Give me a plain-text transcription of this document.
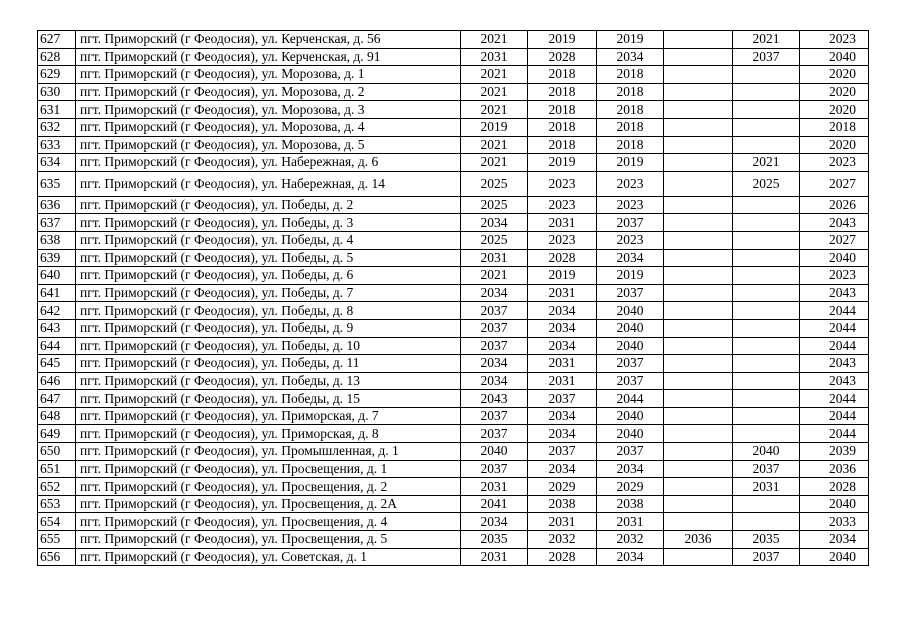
627	пгт. Приморский (г Феодосия), ул. Керченская, д. 56	2021	2019	2019		2021	2023
628	пгт. Приморский (г Феодосия), ул. Керченская, д. 91	2031	2028	2034		2037	2040
629	пгт. Приморский (г Феодосия), ул. Морозова, д. 1	2021	2018	2018			2020
630	пгт. Приморский (г Феодосия), ул. Морозова, д. 2	2021	2018	2018			2020
631	пгт. Приморский (г Феодосия), ул. Морозова, д. 3	2021	2018	2018			2020
632	пгт. Приморский (г Феодосия), ул. Морозова, д. 4	2019	2018	2018			2018
633	пгт. Приморский (г Феодосия), ул. Морозова, д. 5	2021	2018	2018			2020
634	пгт. Приморский (г Феодосия), ул. Набережная, д. 6	2021	2019	2019		2021	2023
635	пгт. Приморский (г Феодосия), ул. Набережная, д. 14	2025	2023	2023		2025	2027
636	пгт. Приморский (г Феодосия), ул. Победы, д. 2	2025	2023	2023			2026
637	пгт. Приморский (г Феодосия), ул. Победы, д. 3	2034	2031	2037			2043
638	пгт. Приморский (г Феодосия), ул. Победы, д. 4	2025	2023	2023			2027
639	пгт. Приморский (г Феодосия), ул. Победы, д. 5	2031	2028	2034			2040
640	пгт. Приморский (г Феодосия), ул. Победы, д. 6	2021	2019	2019			2023
641	пгт. Приморский (г Феодосия), ул. Победы, д. 7	2034	2031	2037			2043
642	пгт. Приморский (г Феодосия), ул. Победы, д. 8	2037	2034	2040			2044
643	пгт. Приморский (г Феодосия), ул. Победы, д. 9	2037	2034	2040			2044
644	пгт. Приморский (г Феодосия), ул. Победы, д. 10	2037	2034	2040			2044
645	пгт. Приморский (г Феодосия), ул. Победы, д. 11	2034	2031	2037			2043
646	пгт. Приморский (г Феодосия), ул. Победы, д. 13	2034	2031	2037			2043
647	пгт. Приморский (г Феодосия), ул. Победы, д. 15	2043	2037	2044			2044
648	пгт. Приморский (г Феодосия), ул. Приморская, д. 7	2037	2034	2040			2044
649	пгт. Приморский (г Феодосия), ул. Приморская, д. 8	2037	2034	2040			2044
650	пгт. Приморский (г Феодосия), ул. Промышленная, д. 1	2040	2037	2037		2040	2039
651	пгт. Приморский (г Феодосия), ул. Просвещения, д. 1	2037	2034	2034		2037	2036
652	пгт. Приморский (г Феодосия), ул. Просвещения, д. 2	2031	2029	2029		2031	2028
653	пгт. Приморский (г Феодосия), ул. Просвещения, д. 2А	2041	2038	2038			2040
654	пгт. Приморский (г Феодосия), ул. Просвещения, д. 4	2034	2031	2031			2033
655	пгт. Приморский (г Феодосия), ул. Просвещения, д. 5	2035	2032	2032	2036	2035	2034
656	пгт. Приморский (г Феодосия), ул. Советская, д. 1	2031	2028	2034		2037	2040
